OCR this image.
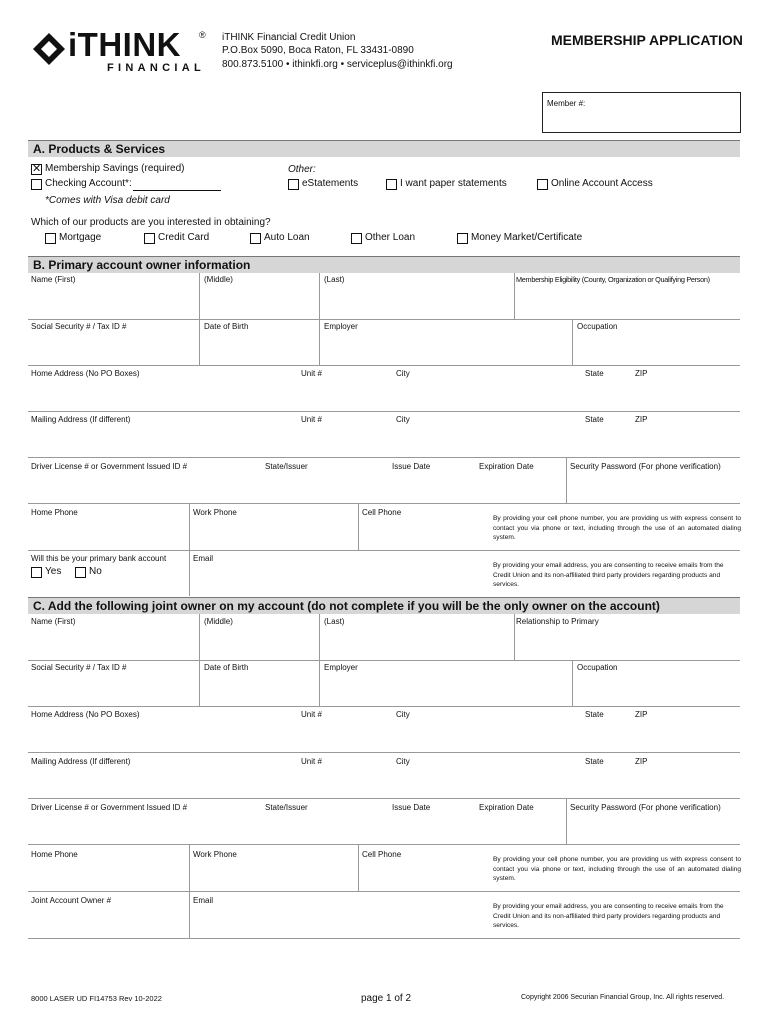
iTHINK ®
FINANCIAL
iTHINK Financial Credit Union
P.O.Box 5090, Boca Raton, FL 33431-0890
800.873.5100 • ithinkfi.org • serviceplus@ithinkfi.org
MEMBERSHIP APPLICATION
Member #:
A. Products & Services
✕ Membership Savings (required)
Checking Account*:
*Comes with Visa debit card
Other:
eStatements	I want paper statements	Online Account Access
Which of our products are you interested in obtaining?
Mortgage	Credit Card	Auto Loan	Other Loan	Money Market/Certificate
B. Primary account owner information
Name (First)	(Middle)	(Last)	Membership Eligibility (County, Organization or Qualifying Person)
Social Security # / Tax ID #	Date of Birth	Employer	Occupation
Home Address (No PO Boxes)	Unit #	City	State	ZIP
Mailing Address (If different)	Unit #	City	State	ZIP
Driver License # or Government Issued ID #	State/Issuer	Issue Date	Expiration Date	Security Password (For phone verification)
Home Phone	Work Phone	Cell Phone
By providing your cell phone number, you are providing us with express consent to contact you via phone or text, including through the use of an automated dialing system.
Will this be your primary bank account
Yes	No
Email
By providing your email address, you are consenting to receive emails from the Credit Union and its non-affiliated third party providers regarding products and services.
C. Add the following joint owner on my account (do not complete if you will be the only owner on the account)
Name (First)	(Middle)	(Last)	Relationship to Primary
Social Security # / Tax ID #	Date of Birth	Employer	Occupation
Home Address (No PO Boxes)	Unit #	City	State	ZIP
Mailing Address (If different)	Unit #	City	State	ZIP
Driver License # or Government Issued ID #	State/Issuer	Issue Date	Expiration Date	Security Password (For phone verification)
Home Phone	Work Phone	Cell Phone
By providing your cell phone number, you are providing us with express consent to contact you via phone or text, including through the use of an automated dialing system.
Joint Account Owner #	Email
By providing your email address, you are consenting to receive emails from the Credit Union and its non-affiliated third party providers regarding products and services.
8000 LASER UD FI14753 Rev 10-2022	page 1 of 2	Copyright 2006 Securian Financial Group, Inc. All rights reserved.
